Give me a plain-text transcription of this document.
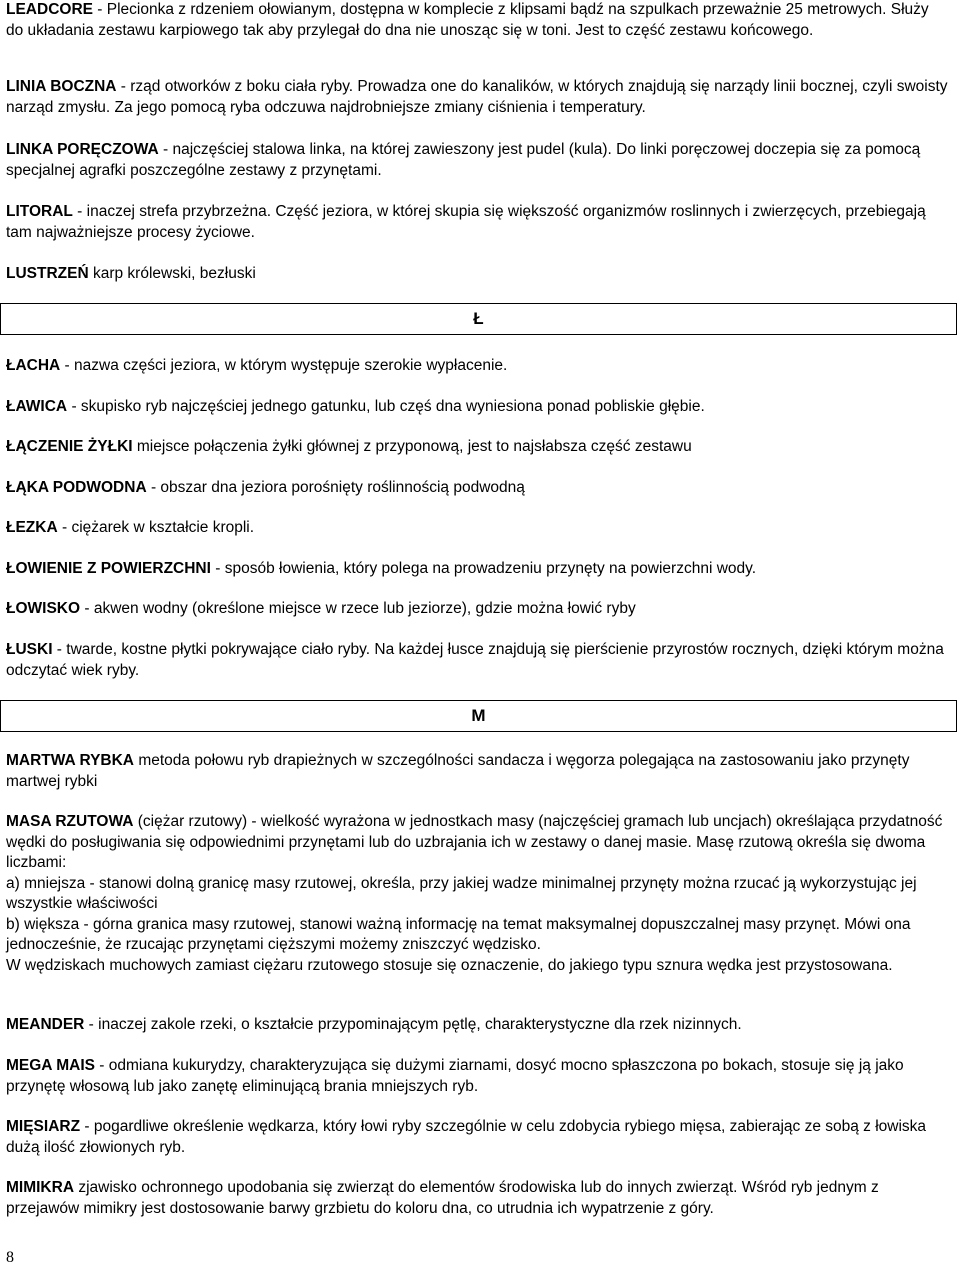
LEADCORE - Plecionka z rdzeniem ołowianym, dostępna w komplecie z klipsami bądź na szpulkach przeważnie 25 metrowych. Służy do układania zestawu karpiowego tak aby przylegał do dna nie unosząc się w toni. Jest to część zestawu końcowego.

LINIA BOCZNA - rząd otworków z boku ciała ryby. Prowadza one do kanalików, w których znajdują się narządy linii bocznej, czyli swoisty narząd zmysłu. Za jego pomocą ryba odczuwa najdrobniejsze zmiany ciśnienia i temperatury.

LINKA PORĘCZOWA - najczęściej stalowa linka, na której zawieszony jest pudel (kula). Do linki poręczowej doczepia się za pomocą specjalnej agrafki poszczególne zestawy z przynętami.

LITORAL - inaczej strefa przybrzeżna. Część jeziora, w której skupia się większość organizmów roslinnych i zwierzęcych, przebiegają tam najważniejsze procesy życiowe.

LUSTRZEŃ karp królewski, bezłuski

Ł

ŁACHA - nazwa części jeziora, w którym występuje szerokie wypłacenie.

ŁAWICA - skupisko ryb najczęściej jednego gatunku, lub częś dna wyniesiona ponad pobliskie głębie.

ŁĄCZENIE ŻYŁKI miejsce połączenia żyłki głównej z przyponową, jest to najsłabsza część zestawu

ŁĄKA PODWODNA - obszar dna jeziora porośnięty roślinnością podwodną

ŁEZKA - ciężarek w kształcie kropli.

ŁOWIENIE Z POWIERZCHNI - sposób łowienia, który polega na prowadzeniu przynęty na powierzchni wody.

ŁOWISKO - akwen wodny (określone miejsce w rzece lub jeziorze), gdzie można łowić ryby

ŁUSKI - twarde, kostne płytki pokrywające ciało ryby. Na każdej łusce znajdują się pierścienie przyrostów rocznych, dzięki którym można odczytać wiek ryby.

M

MARTWA RYBKA metoda połowu ryb drapieżnych w szczególności sandacza i węgorza polegająca na zastosowaniu jako przynęty martwej rybki

MASA RZUTOWA (ciężar rzutowy) - wielkość wyrażona w jednostkach masy (najczęściej gramach lub uncjach) określająca przydatność wędki do posługiwania się odpowiednimi przynętami lub do uzbrajania ich w zestawy o danej masie. Masę rzutową określa się dwoma liczbami:
a) mniejsza - stanowi dolną granicę masy rzutowej, określa, przy jakiej wadze minimalnej przynęty można rzucać ją wykorzystując jej wszystkie właściwości
b) większa - górna granica masy rzutowej, stanowi ważną informację na temat maksymalnej dopuszczalnej masy przynęt. Mówi ona jednocześnie, że rzucając przynętami cięższymi możemy zniszczyć wędzisko.
W wędziskach muchowych zamiast ciężaru rzutowego stosuje się oznaczenie, do jakiego typu sznura wędka jest przystosowana.

MEANDER - inaczej zakole rzeki, o kształcie przypominającym pętlę, charakterystyczne dla rzek nizinnych.

MEGA MAIS - odmiana kukurydzy, charakteryzująca się dużymi ziarnami, dosyć mocno spłaszczona po bokach, stosuje się ją jako przynętę włosową lub jako zanętę eliminującą brania mniejszych ryb.

MIĘSIARZ - pogardliwe określenie wędkarza, który łowi ryby szczególnie w celu zdobycia rybiego mięsa, zabierając ze sobą z łowiska dużą ilość złowionych ryb.

MIMIKRA zjawisko ochronnego upodobania się zwierząt do elementów środowiska lub do innych zwierząt. Wśród ryb jednym z przejawów mimikry jest dostosowanie barwy grzbietu do koloru dna, co utrudnia ich wypatrzenie z góry.

8
